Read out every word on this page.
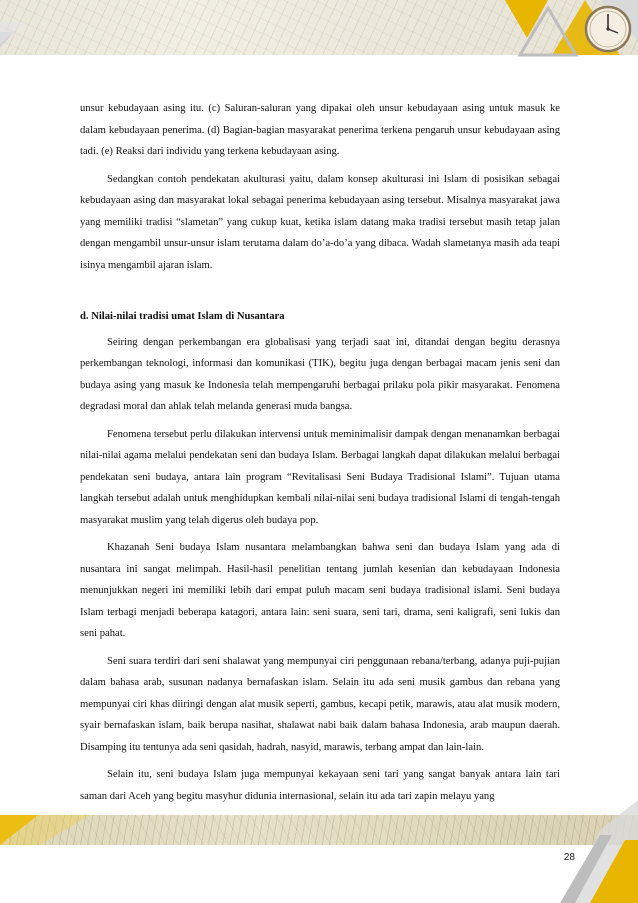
unsur kebudayaan asing itu. (c) Saluran-saluran yang dipakai oleh unsur kebudayaan asing untuk masuk ke dalam kebudayaan penerima. (d) Bagian-bagian masyarakat penerima terkena pengaruh unsur kebudayaan asing tadi. (e) Reaksi dari individu yang terkena kebudayaan asing.

Sedangkan contoh pendekatan akulturasi yaitu, dalam konsep akulturasi ini Islam di posisikan sebagai kebudayaan asing dan masyarakat lokal sebagai penerima kebudayaan asing tersebut. Misalnya masyarakat jawa yang memiliki tradisi “slametan” yang cukup kuat, ketika islam datang maka tradisi tersebut masih tetap jalan dengan mengambil unsur-unsur islam terutama dalam do’a-do’a yang dibaca. Wadah slametanya masih ada teapi isinya mengambil ajaran islam.

d. Nilai-nilai tradisi umat Islam di Nusantara

Seiring dengan perkembangan era globalisasi yang terjadi saat ini, ditandai dengan begitu derasnya perkembangan teknologi, informasi dan komunikasi (TIK), begitu juga dengan berbagai macam jenis seni dan budaya asing yang masuk ke Indonesia telah mempengaruhi berbagai prilaku pola pikir masyarakat. Fenomena degradasi moral dan ahlak telah melanda generasi muda bangsa.

Fenomena tersebut perlu dilakukan intervensi untuk meminimalisir dampak dengan menanamkan berbagai nilai-nilai agama melalui pendekatan seni dan budaya Islam. Berbagai langkah dapat dilakukan melalui berbagai pendekatan seni budaya, antara lain program “Revitalisasi Seni Budaya Tradisional Islami”. Tujuan utama langkah tersebut adalah untuk menghidupkan kembali nilai-nilai seni budaya tradisional Islami di tengah-tengah masyarakat muslim yang telah digerus oleh budaya pop.

Khazanah Seni budaya Islam nusantara melambangkan bahwa seni dan budaya Islam yang ada di nusantara ini sangat melimpah. Hasil-hasil penelitian tentang jumlah kesenian dan kebudayaan Indonesia menunjukkan negeri ini memiliki lebih dari empat puluh macam seni budaya tradisional islami. Seni budaya Islam terbagi menjadi beberapa katagori, antara lain: seni suara, seni tari, drama, seni kaligrafi, seni lukis dan seni pahat.

Seni suara terdiri dari seni shalawat yang mempunyai ciri penggunaan rebana/terbang, adanya puji-pujian dalam bahasa arab, susunan nadanya bernafaskan islam. Selain itu ada seni musik gambus dan rebana yang mempunyai ciri khas diiringi dengan alat musik seperti, gambus, kecapi petik, marawis, atau alat musik modern, syair bernafaskan islam, baik berupa nasihat, shalawat nabi baik dalam bahasa Indonesia, arab maupun daerah. Disamping itu tentunya ada seni qasidah, hadrah, nasyid, marawis, terbang ampat dan lain-lain.

Selain itu, seni budaya Islam juga mempunyai kekayaan seni tari yang sangat banyak antara lain tari saman dari Aceh yang begitu masyhur didunia internasional, selain itu ada tari zapin melayu yang

28
